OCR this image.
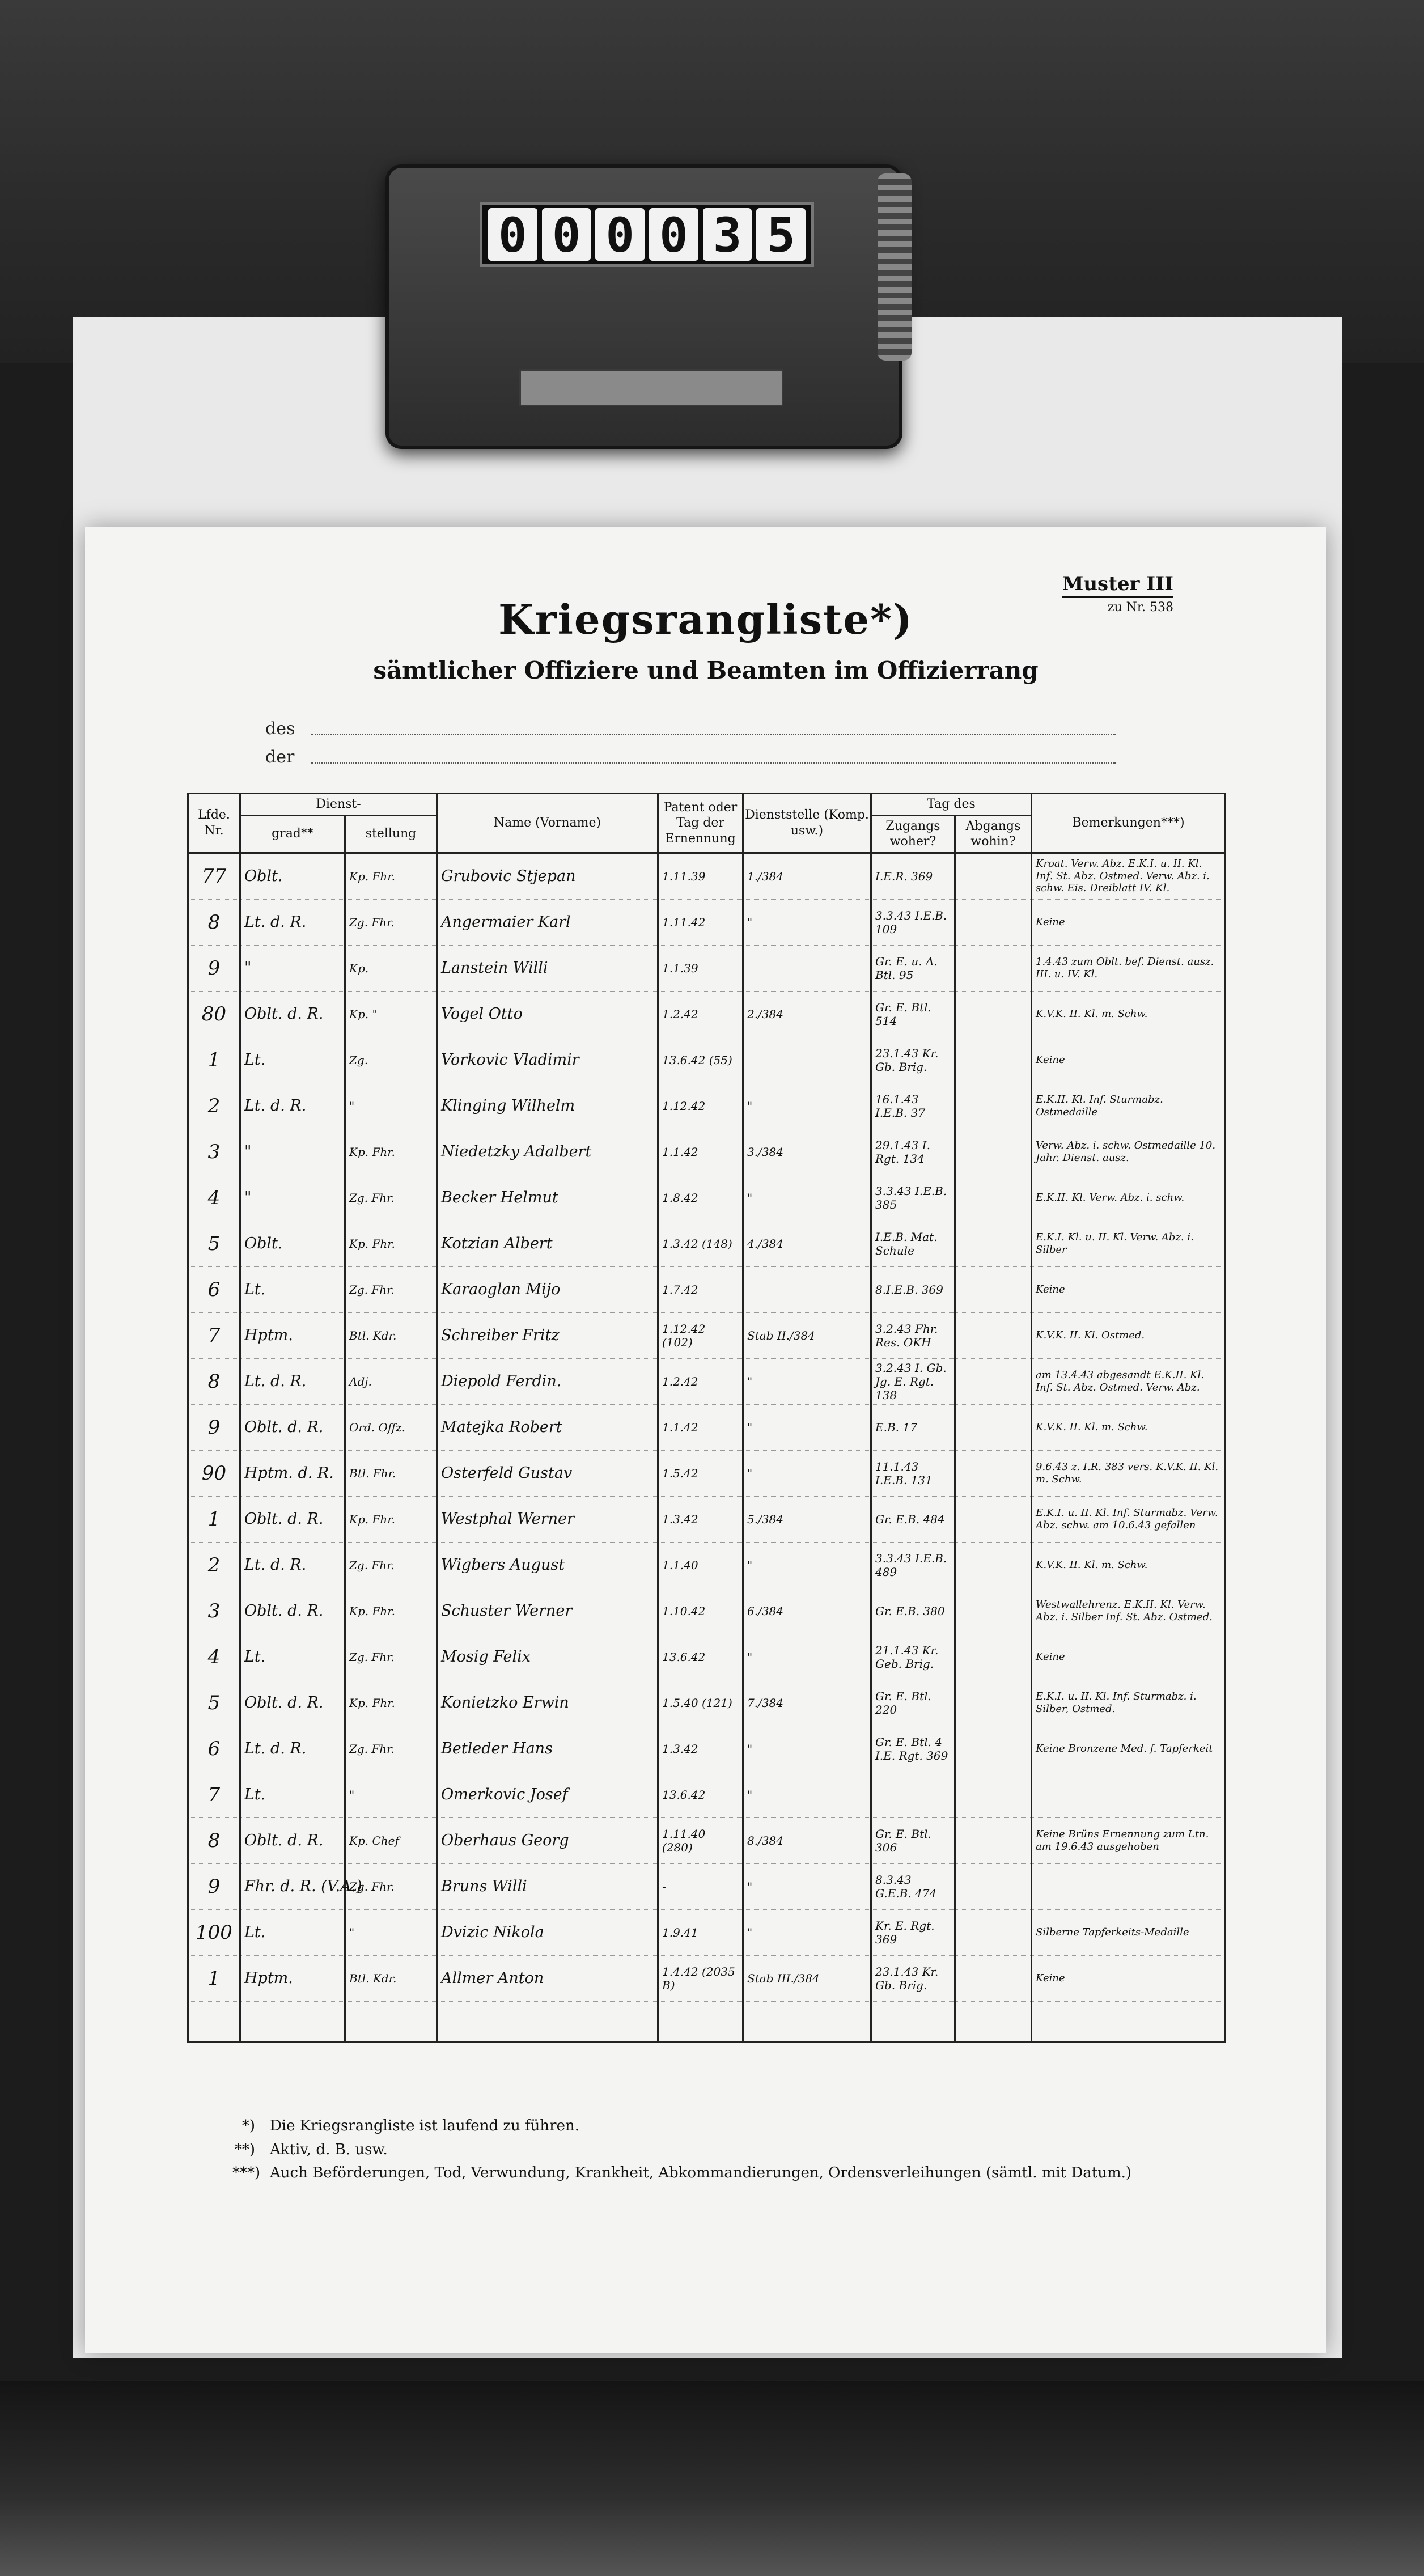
0 0 0 0 3 5
Muster III
zu Nr. 538
Kriegsrangliste*)
sämtlicher Offiziere und Beamten im Offizierrang
des
der
Lfde. Nr.	Dienst-		Name (Vorname)	Patent oder Tag der Ernennung	Dienststelle (Komp. usw.)	Tag des		Bemerkungen***)
	grad**	stellung				Zugangs woher?	Abgangs wohin?	
77	Oblt.	Kp. Fhr.	Grubovic Stjepan	1.11.39	1./384	I.E.R. 369		Kroat. Verw. Abz. E.K.I. u. II. Kl. Inf. St. Abz. Ostmed. Verw. Abz. i. schw. Eis. Dreiblatt IV. Kl.
8	Lt. d. R.	Zg. Fhr.	Angermaier Karl	1.11.42	"	3.3.43 I.E.B. 109		Keine
9	"	Kp.	Lanstein Willi	1.1.39		Gr. E. u. A. Btl. 95		1.4.43 zum Oblt. bef. Dienst. ausz. III. u. IV. Kl.
80	Oblt. d. R.	Kp. "	Vogel Otto	1.2.42	2./384	Gr. E. Btl. 514		K.V.K. II. Kl. m. Schw.
1	Lt.	Zg.	Vorkovic Vladimir	13.6.42 (55)		23.1.43 Kr. Gb. Brig.		Keine
2	Lt. d. R.	"	Klinging Wilhelm	1.12.42	"	16.1.43 I.E.B. 37		E.K.II. Kl. Inf. Sturmabz. Ostmedaille
3	"	Kp. Fhr.	Niedetzky Adalbert	1.1.42	3./384	29.1.43 I. Rgt. 134		Verw. Abz. i. schw. Ostmedaille 10. Jahr. Dienst. ausz.
4	"	Zg. Fhr.	Becker Helmut	1.8.42	"	3.3.43 I.E.B. 385		E.K.II. Kl. Verw. Abz. i. schw.
5	Oblt.	Kp. Fhr.	Kotzian Albert	1.3.42 (148)	4./384	I.E.B. Mat. Schule		E.K.I. Kl. u. II. Kl. Verw. Abz. i. Silber
6	Lt.	Zg. Fhr.	Karaoglan Mijo	1.7.42		8.I.E.B. 369		Keine
7	Hptm.	Btl. Kdr.	Schreiber Fritz	1.12.42 (102)	Stab II./384	3.2.43 Fhr. Res. OKH		K.V.K. II. Kl. Ostmed.
8	Lt. d. R.	Adj.	Diepold Ferdin.	1.2.42	"	3.2.43 I. Gb. Jg. E. Rgt. 138		am 13.4.43 abgesandt E.K.II. Kl. Inf. St. Abz. Ostmed. Verw. Abz.
9	Oblt. d. R.	Ord. Offz.	Matejka Robert	1.1.42	"	E.B. 17		K.V.K. II. Kl. m. Schw.
90	Hptm. d. R.	Btl. Fhr.	Osterfeld Gustav	1.5.42	"	11.1.43 I.E.B. 131		9.6.43 z. I.R. 383 vers. K.V.K. II. Kl. m. Schw.
1	Oblt. d. R.	Kp. Fhr.	Westphal Werner	1.3.42	5./384	Gr. E.B. 484		E.K.I. u. II. Kl. Inf. Sturmabz. Verw. Abz. schw. am 10.6.43 gefallen
2	Lt. d. R.	Zg. Fhr.	Wigbers August	1.1.40	"	3.3.43 I.E.B. 489		K.V.K. II. Kl. m. Schw.
3	Oblt. d. R.	Kp. Fhr.	Schuster Werner	1.10.42	6./384	Gr. E.B. 380		Westwallehrenz. E.K.II. Kl. Verw. Abz. i. Silber Inf. St. Abz. Ostmed.
4	Lt.	Zg. Fhr.	Mosig Felix	13.6.42	"	21.1.43 Kr. Geb. Brig.		Keine
5	Oblt. d. R.	Kp. Fhr.	Konietzko Erwin	1.5.40 (121)	7./384	Gr. E. Btl. 220		E.K.I. u. II. Kl. Inf. Sturmabz. i. Silber, Ostmed.
6	Lt. d. R.	Zg. Fhr.	Betleder Hans	1.3.42	"	Gr. E. Btl. 4 I.E. Rgt. 369		Keine Bronzene Med. f. Tapferkeit
7	Lt.	"	Omerkovic Josef	13.6.42	"			
8	Oblt. d. R.	Kp. Chef	Oberhaus Georg	1.11.40 (280)	8./384	Gr. E. Btl. 306		Keine Brüns Ernennung zum Ltn. am 19.6.43 ausgehoben
9	Fhr. d. R. (V.A.)	Zg. Fhr.	Bruns Willi	-	"	8.3.43 G.E.B. 474		
100	Lt.	"	Dvizic Nikola	1.9.41	"	Kr. E. Rgt. 369		Silberne Tapferkeits-Medaille
1	Hptm.	Btl. Kdr.	Allmer Anton	1.4.42 (2035 B)	Stab III./384	23.1.43 Kr. Gb. Brig.		Keine

*) Die Kriegsrangliste ist laufend zu führen.
**) Aktiv, d. B. usw.
***) Auch Beförderungen, Tod, Verwundung, Krankheit, Abkommandierungen, Ordensverleihungen (sämtl. mit Datum.)
